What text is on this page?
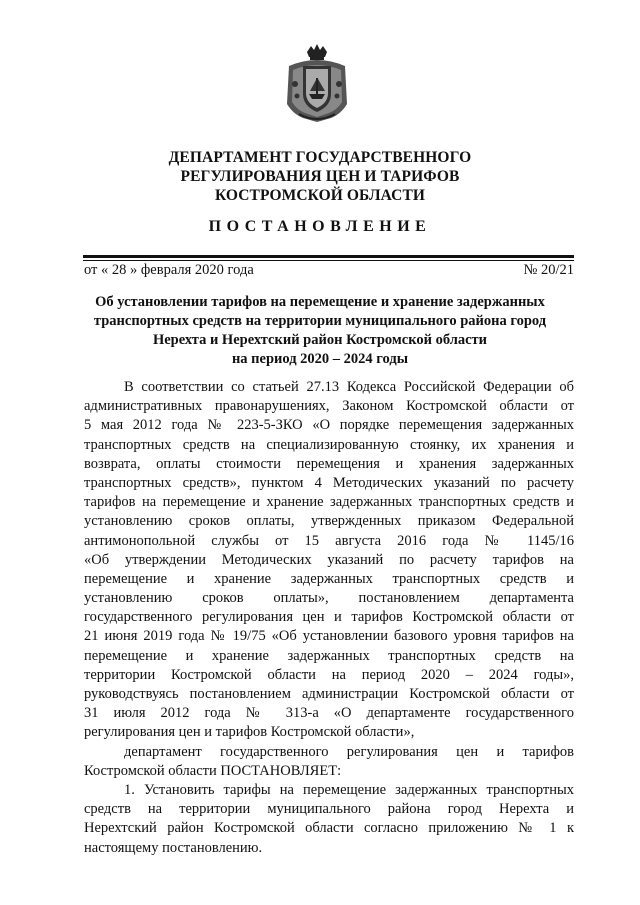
ДЕПАРТАМЕНТ ГОСУДАРСТВЕННОГО
РЕГУЛИРОВАНИЯ ЦЕН И ТАРИФОВ
КОСТРОМСКОЙ ОБЛАСТИ
ПОСТАНОВЛЕНИЕ
от « 28 » февраля 2020 года	№ 20/21
Об установлении тарифов на перемещение и хранение задержанных
транспортных средств на территории муниципального района город
Нерехта и Нерехтский район Костромской области
на период 2020 – 2024 годы
В соответствии со статьей 27.13 Кодекса Российской Федерации об
административных правонарушениях, Законом Костромской области от
5 мая 2012 года № 223-5-ЗКО «О порядке перемещения задержанных
транспортных средств на специализированную стоянку, их хранения и
возврата, оплаты стоимости перемещения и хранения задержанных
транспортных средств», пунктом 4 Методических указаний по расчету
тарифов на перемещение и хранение задержанных транспортных средств и
установлению сроков оплаты, утвержденных приказом Федеральной
антимонопольной службы от 15 августа 2016 года № 1145/16
«Об утверждении Методических указаний по расчету тарифов на
перемещение и хранение задержанных транспортных средств и
установлению сроков оплаты», постановлением департамента
государственного регулирования цен и тарифов Костромской области от
21 июня 2019 года № 19/75 «Об установлении базового уровня тарифов на
перемещение и хранение задержанных транспортных средств на
территории Костромской области на период 2020 – 2024 годы»,
руководствуясь постановлением администрации Костромской области от
31 июля 2012 года № 313-а «О департаменте государственного
регулирования цен и тарифов Костромской области»,
департамент государственного регулирования цен и тарифов
Костромской области ПОСТАНОВЛЯЕТ:
1. Установить тарифы на перемещение задержанных транспортных
средств на территории муниципального района город Нерехта и
Нерехтский район Костромской области согласно приложению № 1 к
настоящему постановлению.
